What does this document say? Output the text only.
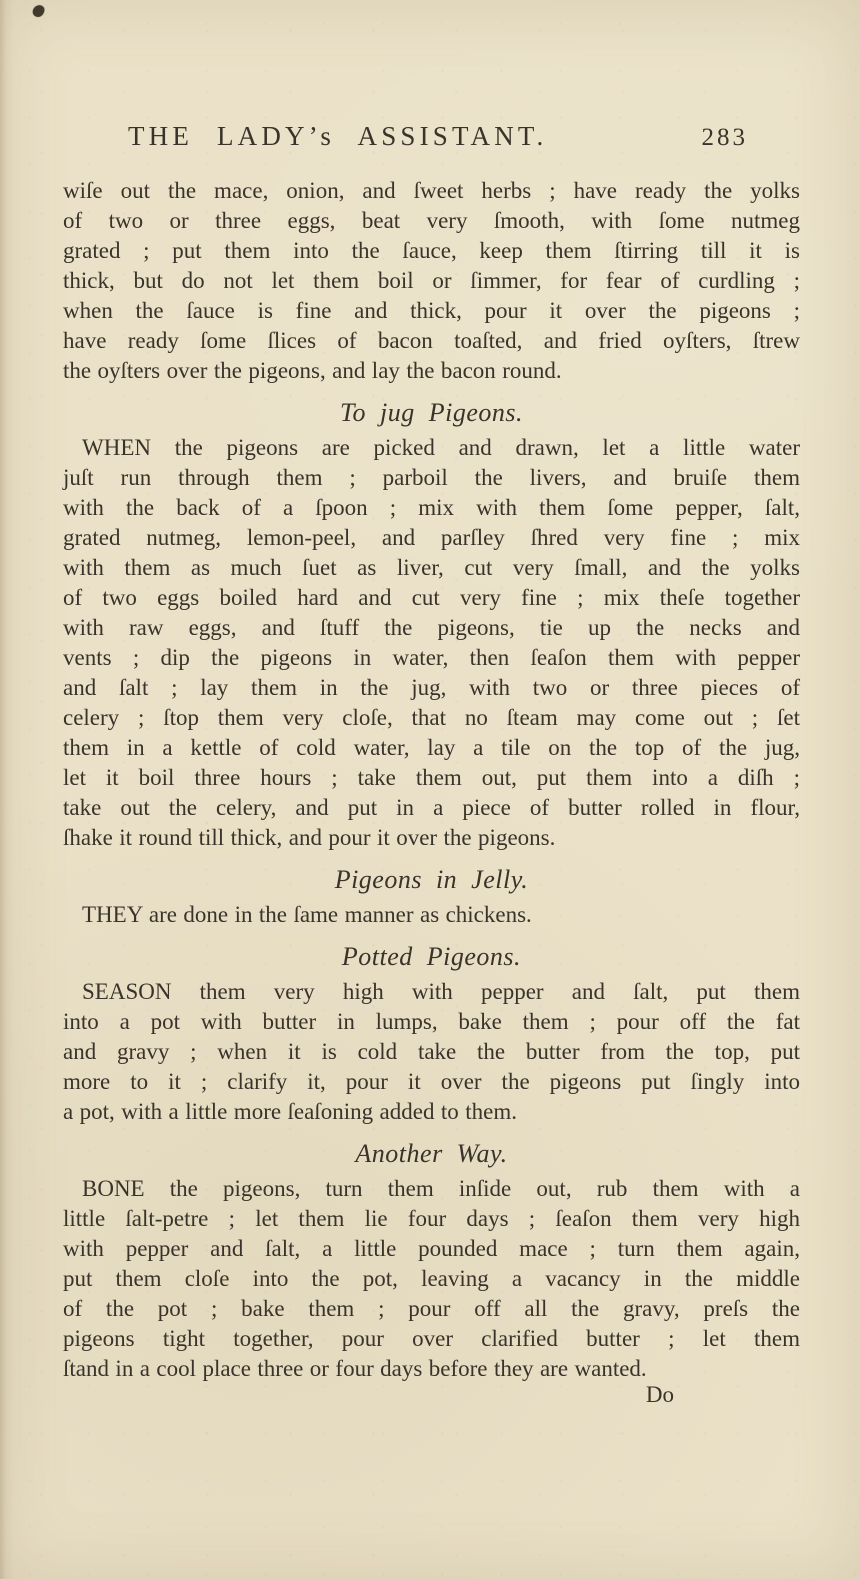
THE LADY’s ASSISTANT.	283

wiſe out the mace, onion, and ſweet herbs ; have ready the yolks
of two or three eggs, beat very ſmooth, with ſome nutmeg
grated ; put them into the ſauce, keep them ſtirring till it is
thick, but do not let them boil or ſimmer, for fear of curdling ;
when the ſauce is fine and thick, pour it over the pigeons ;
have ready ſome ſlices of bacon toaſted, and fried oyſters, ſtrew
the oyſters over the pigeons, and lay the bacon round.

To jug Pigeons.

WHEN the pigeons are picked and drawn, let a little water
juſt run through them ; parboil the livers, and bruiſe them
with the back of a ſpoon ; mix with them ſome pepper, ſalt,
grated nutmeg, lemon-peel, and parſley ſhred very fine ; mix
with them as much ſuet as liver, cut very ſmall, and the yolks
of two eggs boiled hard and cut very fine ; mix theſe together
with raw eggs, and ſtuff the pigeons, tie up the necks and
vents ; dip the pigeons in water, then ſeaſon them with pepper
and ſalt ; lay them in the jug, with two or three pieces of
celery ; ſtop them very cloſe, that no ſteam may come out ; ſet
them in a kettle of cold water, lay a tile on the top of the jug,
let it boil three hours ; take them out, put them into a diſh ;
take out the celery, and put in a piece of butter rolled in flour,
ſhake it round till thick, and pour it over the pigeons.

Pigeons in Jelly.

THEY are done in the ſame manner as chickens.

Potted Pigeons.

SEASON them very high with pepper and ſalt, put them
into a pot with butter in lumps, bake them ; pour off the fat
and gravy ; when it is cold take the butter from the top, put
more to it ; clarify it, pour it over the pigeons put ſingly into
a pot, with a little more ſeaſoning added to them.

Another Way.

BONE the pigeons, turn them inſide out, rub them with a
little ſalt-petre ; let them lie four days ; ſeaſon them very high
with pepper and ſalt, a little pounded mace ; turn them again,
put them cloſe into the pot, leaving a vacancy in the middle
of the pot ; bake them ; pour off all the gravy, preſs the
pigeons tight together, pour over clarified butter ; let them
ſtand in a cool place three or four days before they are wanted.

Do
